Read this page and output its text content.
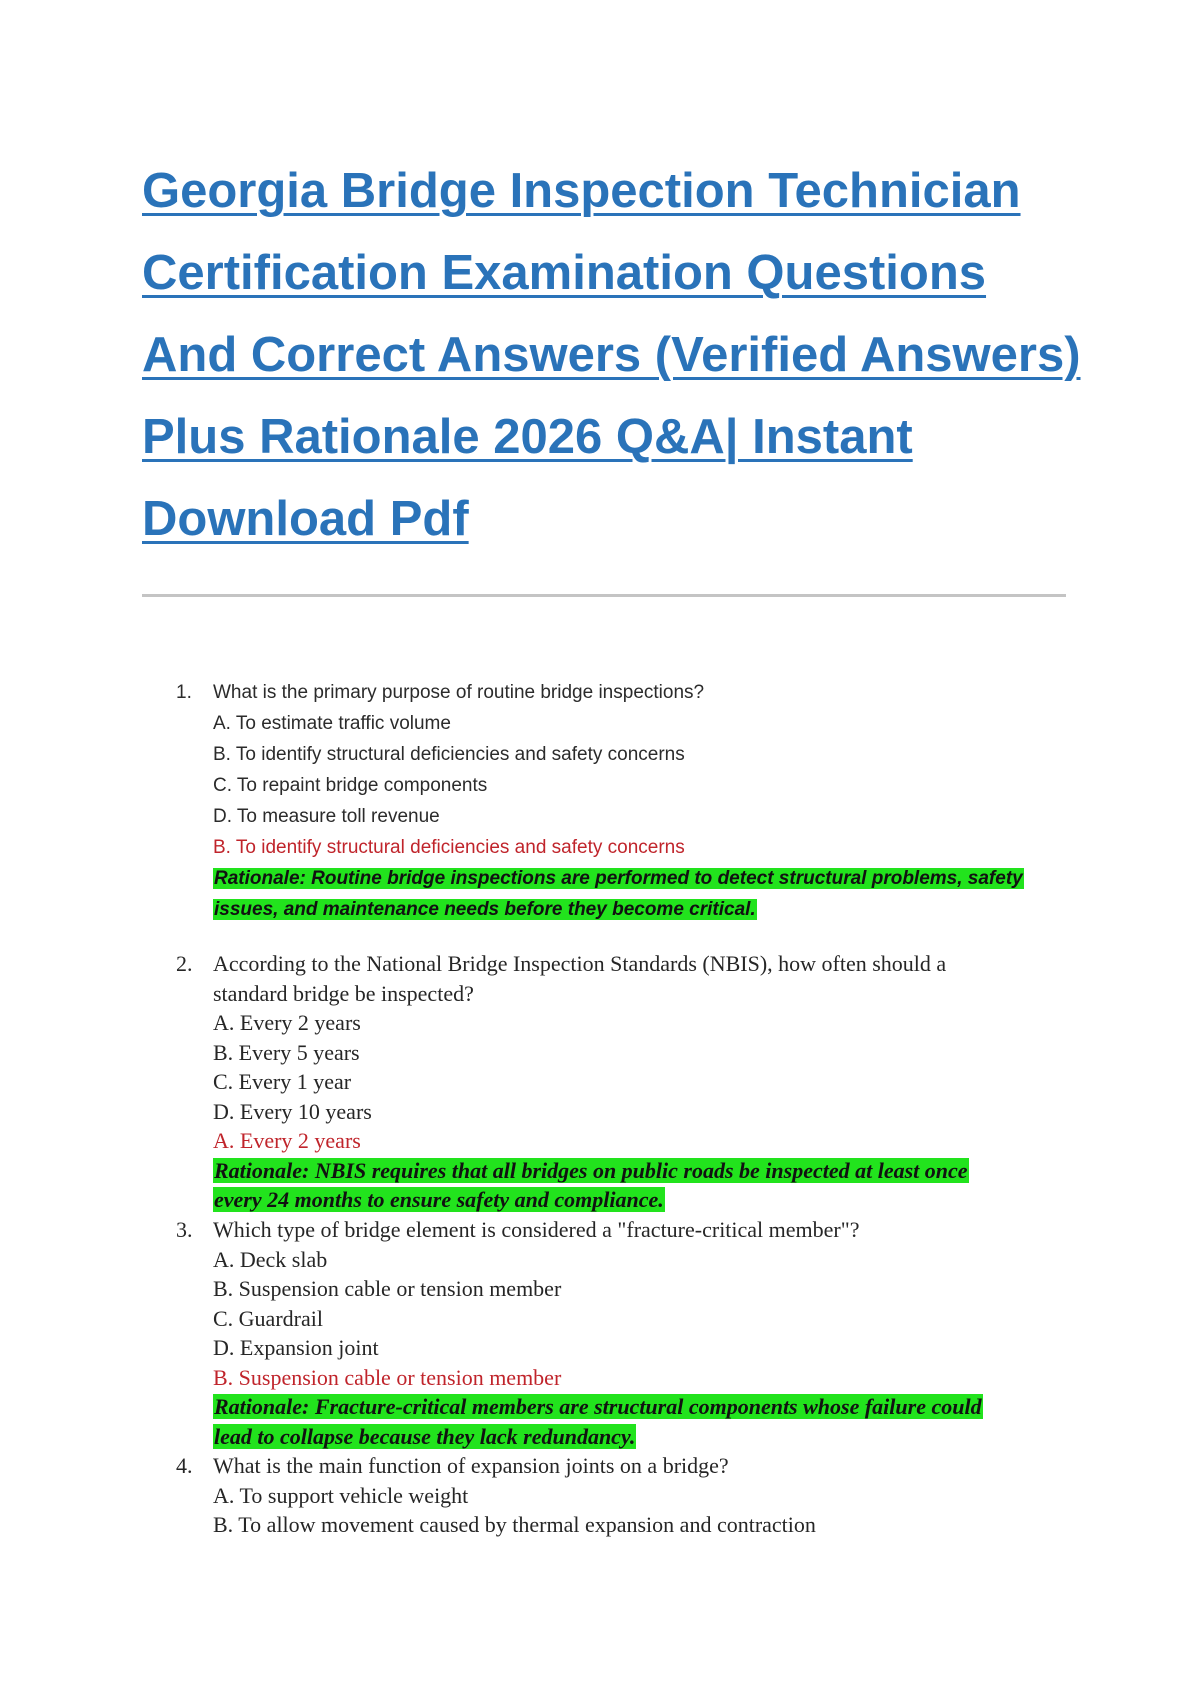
Georgia Bridge Inspection Technician
Certification Examination Questions
And Correct Answers (Verified Answers)
Plus Rationale 2026 Q&A| Instant
Download Pdf
1. What is the primary purpose of routine bridge inspections?
A. To estimate traffic volume
B. To identify structural deficiencies and safety concerns
C. To repaint bridge components
D. To measure toll revenue
B. To identify structural deficiencies and safety concerns
Rationale: Routine bridge inspections are performed to detect structural problems, safety
issues, and maintenance needs before they become critical.
2. According to the National Bridge Inspection Standards (NBIS), how often should a
standard bridge be inspected?
A. Every 2 years
B. Every 5 years
C. Every 1 year
D. Every 10 years
A. Every 2 years
Rationale: NBIS requires that all bridges on public roads be inspected at least once
every 24 months to ensure safety and compliance.
3. Which type of bridge element is considered a "fracture-critical member"?
A. Deck slab
B. Suspension cable or tension member
C. Guardrail
D. Expansion joint
B. Suspension cable or tension member
Rationale: Fracture-critical members are structural components whose failure could
lead to collapse because they lack redundancy.
4. What is the main function of expansion joints on a bridge?
A. To support vehicle weight
B. To allow movement caused by thermal expansion and contraction
